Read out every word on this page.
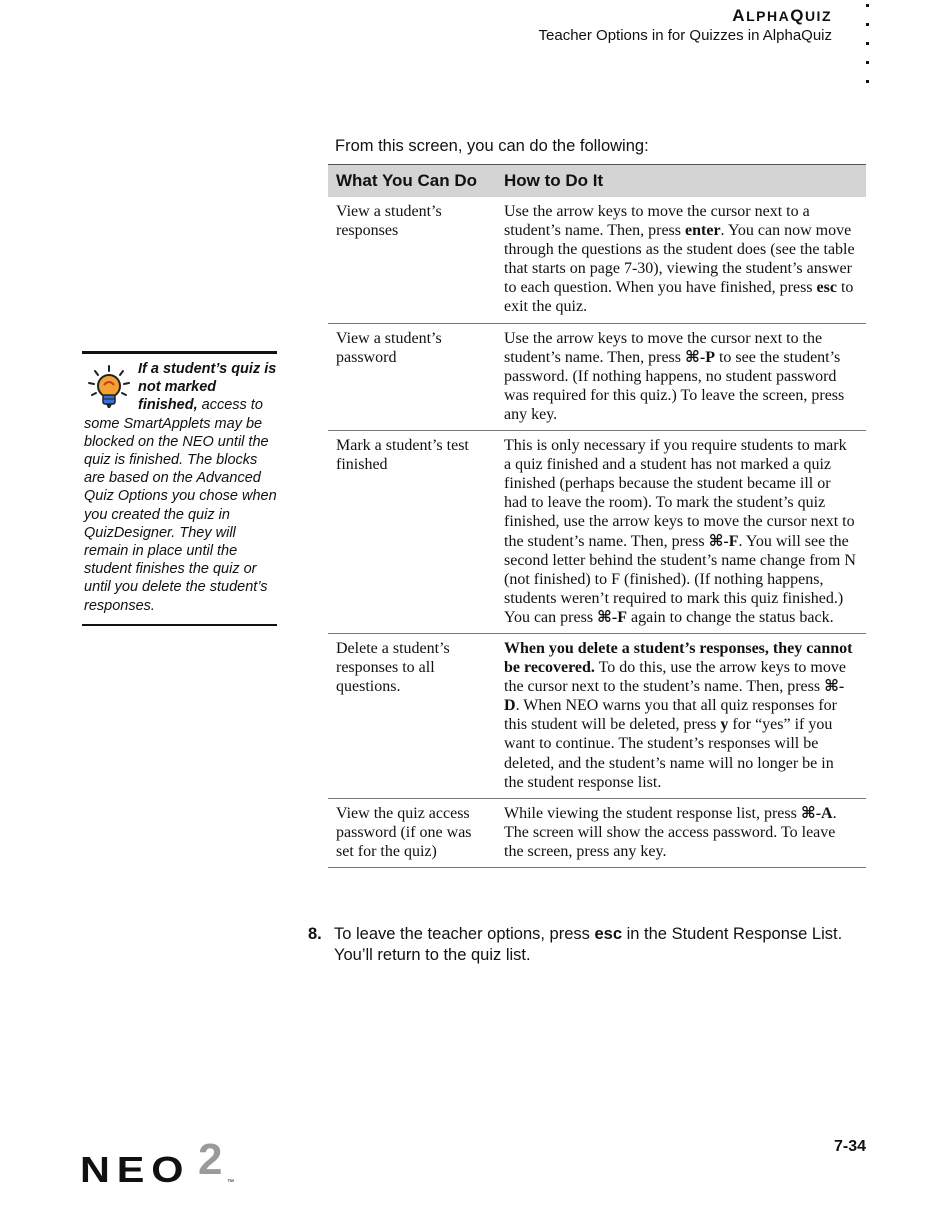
ALPHAQUIZ
Teacher Options in for Quizzes in AlphaQuiz
If a student’s quiz is not marked finished, access to some SmartApplets may be blocked on the NEO until the quiz is finished. The blocks are based on the Advanced Quiz Options you chose when you created the quiz in QuizDesigner. They will remain in place until the student finishes the quiz or until you delete the student’s responses.
From this screen, you can do the following:
What You Can Do	How to Do It
View a student’s responses	Use the arrow keys to move the cursor next to a student’s name. Then, press enter. You can now move through the questions as the student does (see the table that starts on page 7-30), viewing the student’s answer to each question. When you have finished, press esc to exit the quiz.
View a student’s password	Use the arrow keys to move the cursor next to the student’s name. Then, press ⌘-P to see the student’s password. (If nothing happens, no student password was required for this quiz.) To leave the screen, press any key.
Mark a student’s test finished	This is only necessary if you require students to mark a quiz finished and a student has not marked a quiz finished (perhaps because the student became ill or had to leave the room). To mark the student’s quiz finished, use the arrow keys to move the cursor next to the student’s name. Then, press ⌘-F. You will see the second letter behind the student’s name change from N (not finished) to F (finished). (If nothing happens, students weren’t required to mark this quiz finished.) You can press ⌘-F again to change the status back.
Delete a student’s responses to all questions.	When you delete a student’s responses, they cannot be recovered. To do this, use the arrow keys to move the cursor next to the student’s name. Then, press ⌘-D. When NEO warns you that all quiz responses for this student will be deleted, press y for “yes” if you want to continue. The student’s responses will be deleted, and the student’s name will no longer be in the student response list.
View the quiz access password (if one was set for the quiz)	While viewing the student response list, press ⌘-A. The screen will show the access password. To leave the screen, press any key.
8. To leave the teacher options, press esc in the Student Response List. You’ll return to the quiz list.
7-34
NEO 2 ™
